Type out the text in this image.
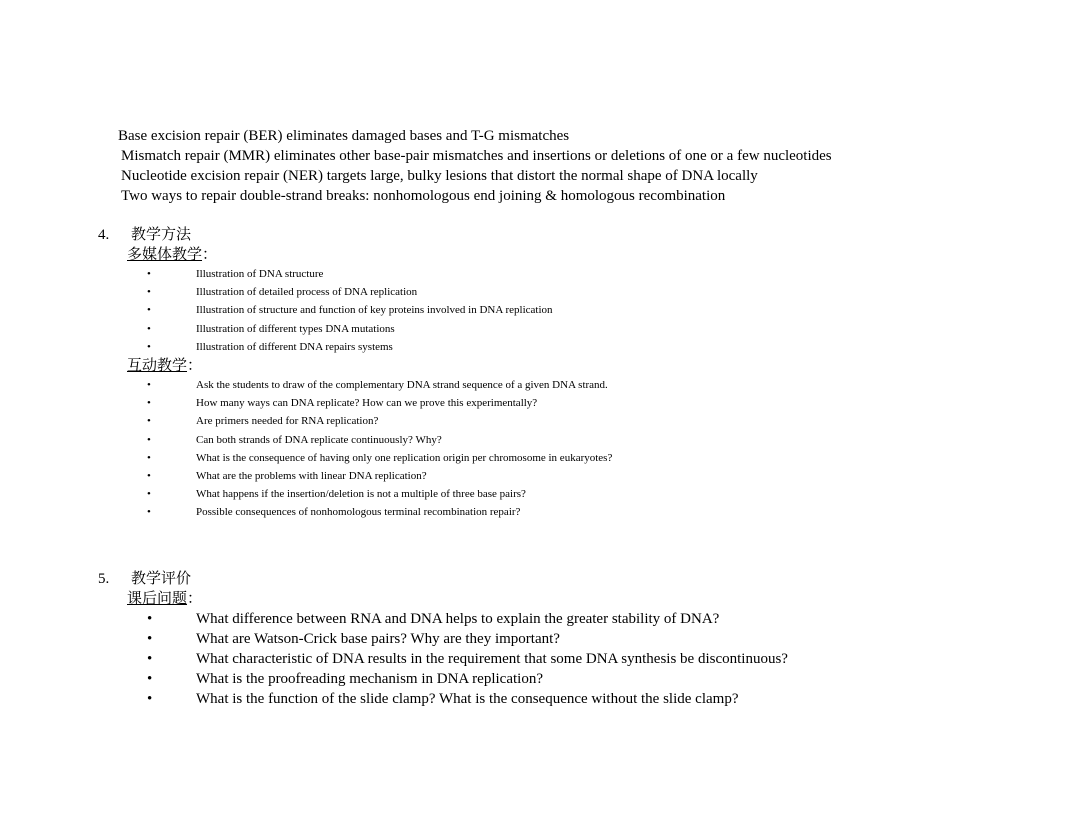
Base excision repair (BER) eliminates damaged bases and T-G mismatches
Mismatch repair (MMR) eliminates other base-pair mismatches and insertions or deletions of one or a few nucleotides
Nucleotide excision repair (NER) targets large, bulky lesions that distort the normal shape of DNA locally
Two ways to repair double-strand breaks: nonhomologous end joining & homologous recombination
4. 教学方法
多媒体教学：
•	Illustration of DNA structure
•	Illustration of detailed process of DNA replication
•	Illustration of structure and function of key proteins involved in DNA replication
•	Illustration of different types DNA mutations
•	Illustration of different DNA repairs systems
互动教学：
•	Ask the students to draw of the complementary DNA strand sequence of a given DNA strand.
•	How many ways can DNA replicate? How can we prove this experimentally?
•	Are primers needed for RNA replication?
•	Can both strands of DNA replicate continuously? Why?
•	What is the consequence of having only one replication origin per chromosome in eukaryotes?
•	What are the problems with linear DNA replication?
•	What happens if the insertion/deletion is not a multiple of three base pairs?
•	Possible consequences of nonhomologous terminal recombination repair?
5. 教学评价
课后问题：
•	What difference between RNA and DNA helps to explain the greater stability of DNA?
•	What are Watson-Crick base pairs? Why are they important?
•	What characteristic of DNA results in the requirement that some DNA synthesis be discontinuous?
•	What is the proofreading mechanism in DNA replication?
•	What is the function of the slide clamp? What is the consequence without the slide clamp?
